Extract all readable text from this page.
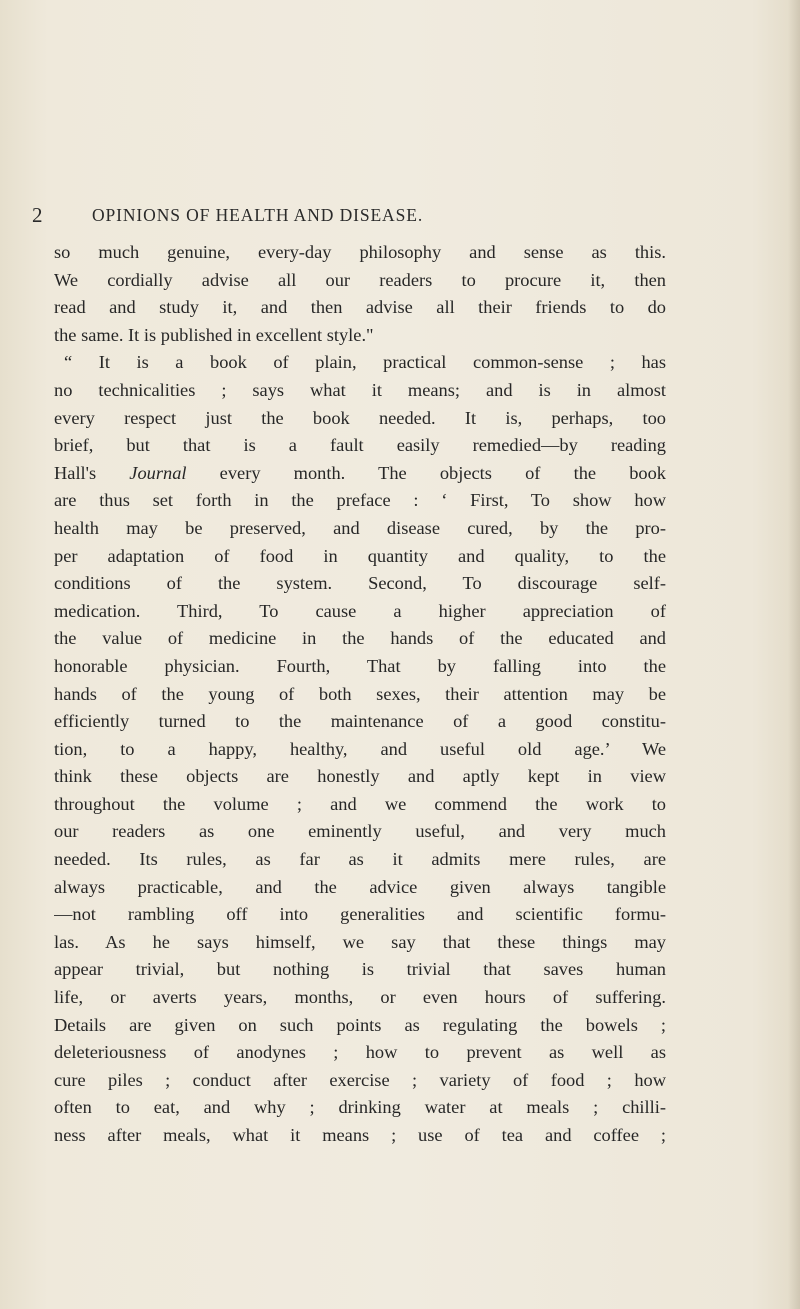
2	OPINIONS OF HEALTH AND DISEASE.
so much genuine, every-day philosophy and sense as this.
We cordially advise all our readers to procure it, then
read and study it, and then advise all their friends to do
the same. It is published in excellent style."
“ It is a book of plain, practical common-sense ; has
no technicalities ; says what it means; and is in almost
every respect just the book needed. It is, perhaps, too
brief, but that is a fault easily remedied—by reading
Hall's Journal every month. The objects of the book
are thus set forth in the preface : ‘ First, To show how
health may be preserved, and disease cured, by the pro-
per adaptation of food in quantity and quality, to the
conditions of the system. Second, To discourage self-
medication. Third, To cause a higher appreciation of
the value of medicine in the hands of the educated and
honorable physician. Fourth, That by falling into the
hands of the young of both sexes, their attention may be
efficiently turned to the maintenance of a good constitu-
tion, to a happy, healthy, and useful old age.’ We
think these objects are honestly and aptly kept in view
throughout the volume ; and we commend the work to
our readers as one eminently useful, and very much
needed. Its rules, as far as it admits mere rules, are
always practicable, and the advice given always tangible
—not rambling off into generalities and scientific formu-
las. As he says himself, we say that these things may
appear trivial, but nothing is trivial that saves human
life, or averts years, months, or even hours of suffering.
Details are given on such points as regulating the bowels ;
deleteriousness of anodynes ; how to prevent as well as
cure piles ; conduct after exercise ; variety of food ; how
often to eat, and why ; drinking water at meals ; chilli-
ness after meals, what it means ; use of tea and coffee ;
